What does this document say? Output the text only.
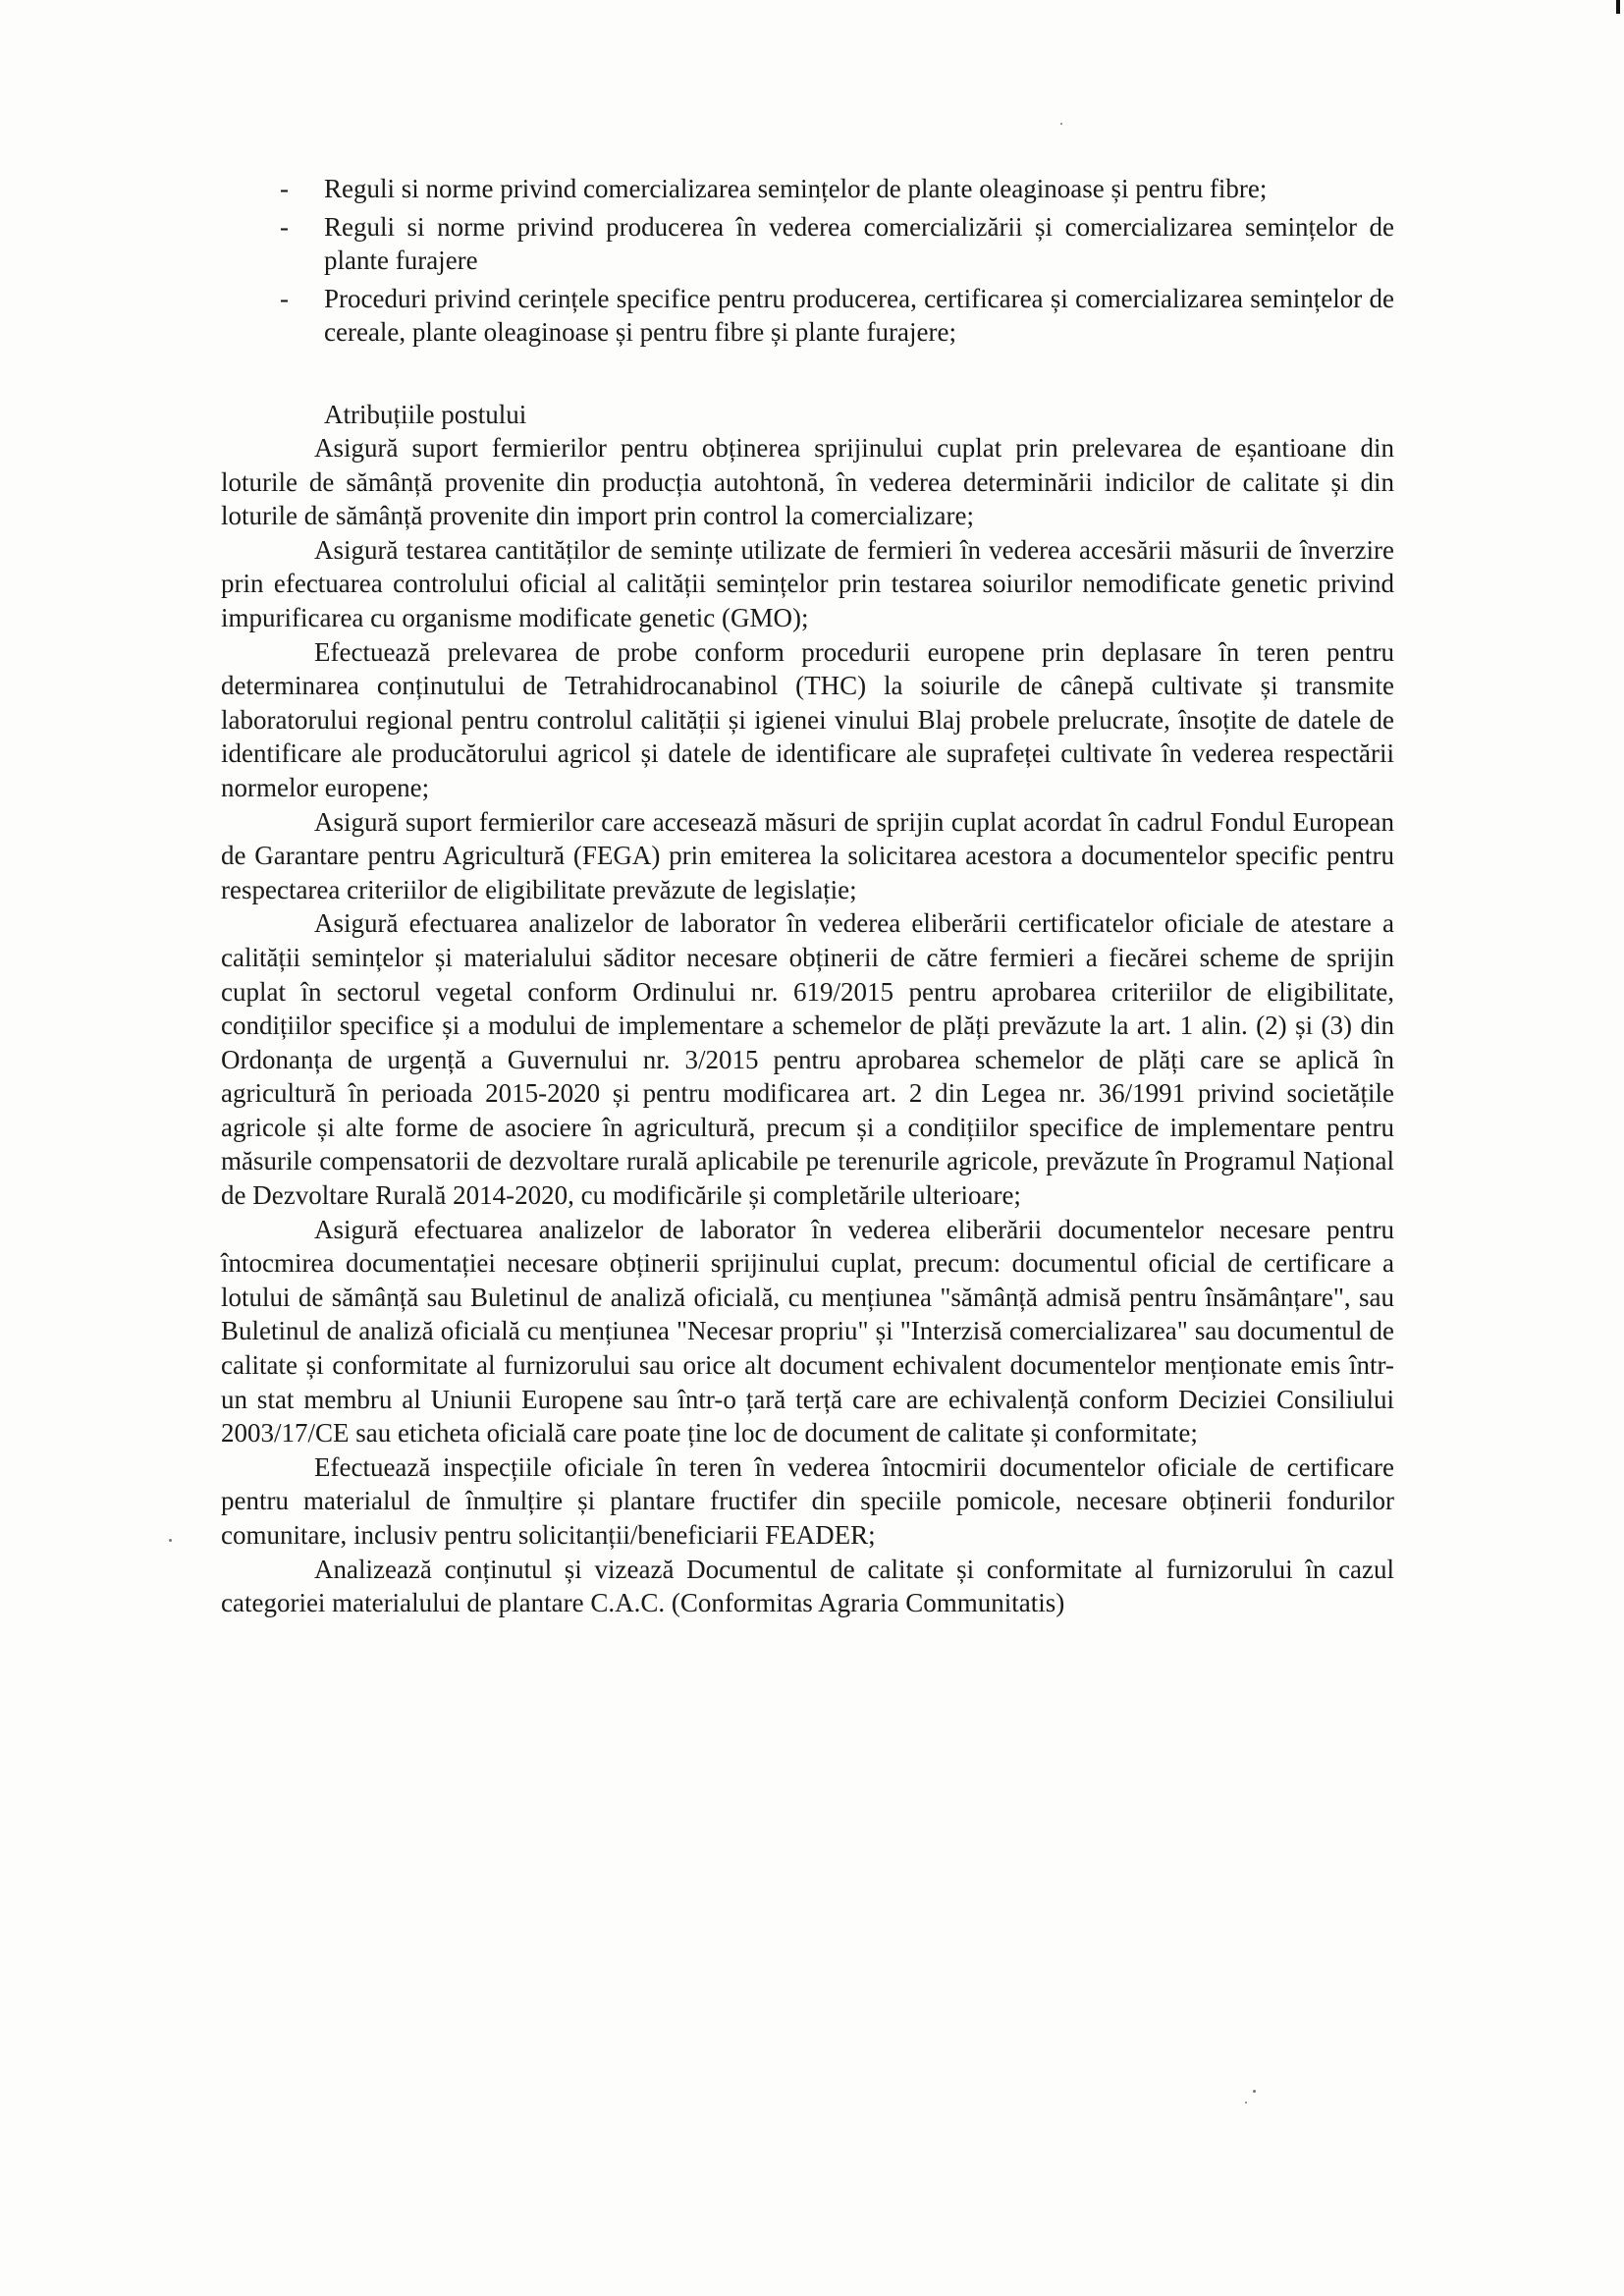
- Reguli si norme privind comercializarea semințelor de plante oleaginoase și pentru fibre;
- Reguli si norme privind producerea în vederea comercializării și comercializarea semințelor de plante furajere
- Proceduri privind cerințele specifice pentru producerea, certificarea și comercializarea semințelor de cereale, plante oleaginoase și pentru fibre și plante furajere;
Atribuțiile postului

Asigură suport fermierilor pentru obținerea sprijinului cuplat prin prelevarea de eșantioane din loturile de sămânță provenite din producția autohtonă, în vederea determinării indicilor de calitate și din loturile de sămânță provenite din import prin control la comercializare;

Asigură testarea cantităților de semințe utilizate de fermieri în vederea accesării măsurii de înverzire prin efectuarea controlului oficial al calității semințelor prin testarea soiurilor nemodificate genetic privind impurificarea cu organisme modificate genetic (GMO);

Efectuează prelevarea de probe conform procedurii europene prin deplasare în teren pentru determinarea conținutului de Tetrahidrocanabinol (THC) la soiurile de cânepă cultivate și transmite laboratorului regional pentru controlul calității și igienei vinului Blaj probele prelucrate, însoțite de datele de identificare ale producătorului agricol și datele de identificare ale suprafeței cultivate în vederea respectării normelor europene;

Asigură suport fermierilor care accesează măsuri de sprijin cuplat acordat în cadrul Fondul European de Garantare pentru Agricultură (FEGA) prin emiterea la solicitarea acestora a documentelor specific pentru respectarea criteriilor de eligibilitate prevăzute de legislație;

Asigură efectuarea analizelor de laborator în vederea eliberării certificatelor oficiale de atestare a calității semințelor și materialului săditor necesare obținerii de către fermieri a fiecărei scheme de sprijin cuplat în sectorul vegetal conform Ordinului nr. 619/2015 pentru aprobarea criteriilor de eligibilitate, condițiilor specifice și a modului de implementare a schemelor de plăți prevăzute la art. 1 alin. (2) și (3) din Ordonanța de urgență a Guvernului nr. 3/2015 pentru aprobarea schemelor de plăți care se aplică în agricultură în perioada 2015-2020 și pentru modificarea art. 2 din Legea nr. 36/1991 privind societățile agricole și alte forme de asociere în agricultură, precum și a condițiilor specifice de implementare pentru măsurile compensatorii de dezvoltare rurală aplicabile pe terenurile agricole, prevăzute în Programul Național de Dezvoltare Rurală 2014-2020, cu modificările și completările ulterioare;

Asigură efectuarea analizelor de laborator în vederea eliberării documentelor necesare pentru întocmirea documentației necesare obținerii sprijinului cuplat, precum: documentul oficial de certificare a lotului de sămânță sau Buletinul de analiză oficială, cu mențiunea "sămânță admisă pentru însămânțare", sau Buletinul de analiză oficială cu mențiunea "Necesar propriu" și "Interzisă comercializarea" sau documentul de calitate și conformitate al furnizorului sau orice alt document echivalent documentelor menționate emis într-un stat membru al Uniunii Europene sau într-o țară terță care are echivalență conform Deciziei Consiliului 2003/17/CE sau eticheta oficială care poate ține loc de document de calitate și conformitate;

Efectuează inspecțiile oficiale în teren în vederea întocmirii documentelor oficiale de certificare pentru materialul de înmulțire și plantare fructifer din speciile pomicole, necesare obținerii fondurilor comunitare, inclusiv pentru solicitanții/beneficiarii FEADER;

Analizează conținutul și vizează Documentul de calitate și conformitate al furnizorului în cazul categoriei materialului de plantare C.A.C. (Conformitas Agraria Communitatis)
